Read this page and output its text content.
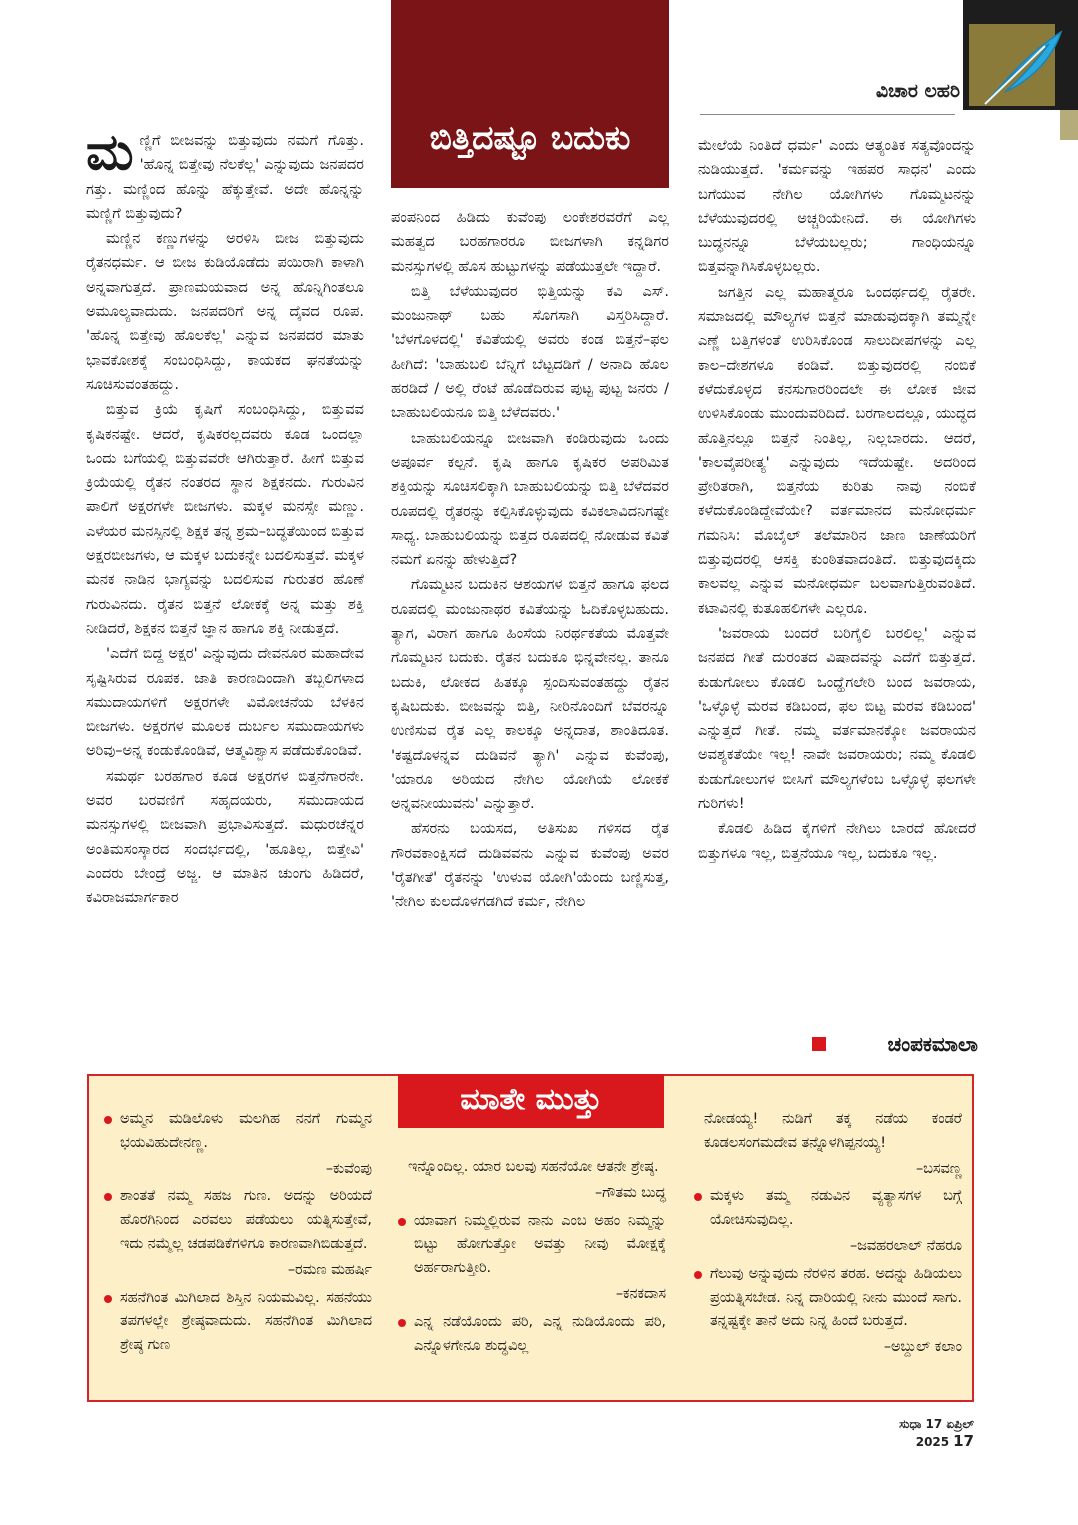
ಬಿತ್ತಿದಷ್ಟೂ ಬದುಕು
ವಿಚಾರ ಲಹರಿ

ಮಣ್ಣಿಗೆ ಬೀಜವನ್ನು ಬಿತ್ತುವುದು ನಮಗೆ ಗೊತ್ತು. 'ಹೊನ್ನ ಬಿತ್ತೇವು ನೆಲಕೆಲ್ಲ' ಎನ್ನುವುದು ಜನಪದರ ಗತ್ತು. ಮಣ್ಣಿಂದ ಹೊನ್ನು ಹೆಕ್ಕುತ್ತೇವೆ. ಅದೇ ಹೊನ್ನನ್ನು ಮಣ್ಣಿಗೆ ಬಿತ್ತುವುದು?

ಮಣ್ಣಿನ ಕಣ್ಣುಗಳನ್ನು ಅರಳಿಸಿ ಬೀಜ ಬಿತ್ತುವುದು ರೈತನಧರ್ಮ. ಆ ಬೀಜ ಕುಡಿಯೊಡೆದು ಪಯಿರಾಗಿ ಕಾಳಾಗಿ ಅನ್ನವಾಗುತ್ತದೆ. ಪ್ರಾಣಮಯವಾದ ಅನ್ನ ಹೊನ್ನಿಗಿಂತಲೂ ಅಮೂಲ್ಯವಾದುದು. ಜನಪದರಿಗೆ ಅನ್ನ ದೈವದ ರೂಪ. 'ಹೊನ್ನ ಬಿತ್ತೇವು ಹೊಲಕೆಲ್ಲ' ಎನ್ನುವ ಜನಪದರ ಮಾತು ಭಾವಕೋಶಕ್ಕೆ ಸಂಬಂಧಿಸಿದ್ದು, ಕಾಯಕದ ಘನತೆಯನ್ನು ಸೂಚಿಸುವಂತಹದ್ದು.

ಬಿತ್ತುವ ಕ್ರಿಯೆ ಕೃಷಿಗೆ ಸಂಬಂಧಿಸಿದ್ದು, ಬಿತ್ತುವವ ಕೃಷಿಕನಷ್ಟೇ. ಆದರೆ, ಕೃಷಿಕರಲ್ಲದವರು ಕೂಡ ಒಂದಲ್ಲಾ ಒಂದು ಬಗೆಯಲ್ಲಿ ಬಿತ್ತುವವರೇ ಆಗಿರುತ್ತಾರೆ. ಹೀಗೆ ಬಿತ್ತುವ ಕ್ರಿಯೆಯಲ್ಲಿ ರೈತನ ನಂತರದ ಸ್ಥಾನ ಶಿಕ್ಷಕನದು. ಗುರುವಿನ ಪಾಲಿಗೆ ಅಕ್ಷರಗಳೇ ಬೀಜಗಳು. ಮಕ್ಕಳ ಮನಸ್ಸೇ ಮಣ್ಣು. ಎಳೆಯರ ಮನಸ್ಸಿನಲ್ಲಿ ಶಿಕ್ಷಕ ತನ್ನ ಶ್ರಮ–ಬದ್ಧತೆಯಿಂದ ಬಿತ್ತುವ ಅಕ್ಷರಬೀಜಗಳು, ಆ ಮಕ್ಕಳ ಬದುಕನ್ನೇ ಬದಲಿಸುತ್ತವೆ. ಮಕ್ಕಳ ಮನಕ ನಾಡಿನ ಭಾಗ್ಯವನ್ನು ಬದಲಿಸುವ ಗುರುತರ ಹೊಣೆ ಗುರುವಿನದು. ರೈತನ ಬಿತ್ತನೆ ಲೋಕಕ್ಕೆ ಅನ್ನ ಮತ್ತು ಶಕ್ತಿ ನೀಡಿದರೆ, ಶಿಕ್ಷಕನ ಬಿತ್ತನೆ ಜ್ಞಾನ ಹಾಗೂ ಶಕ್ತಿ ನೀಡುತ್ತದೆ.

'ಎದೆಗೆ ಬಿದ್ದ ಅಕ್ಷರ' ಎನ್ನುವುದು ದೇವನೂರ ಮಹಾದೇವ ಸೃಷ್ಟಿಸಿರುವ ರೂಪಕ. ಜಾತಿ ಕಾರಣದಿಂದಾಗಿ ತಬ್ಬಲಿಗಳಾದ ಸಮುದಾಯಗಳಿಗೆ ಅಕ್ಷರಗಳೇ ವಿಮೋಚನೆಯ ಬೆಳಕಿನ ಬೀಜಗಳು. ಅಕ್ಷರಗಳ ಮೂಲಕ ದುರ್ಬಲ ಸಮುದಾಯಗಳು ಅರಿವು–ಅನ್ನ ಕಂಡುಕೊಂಡಿವೆ, ಆತ್ಮವಿಶ್ವಾಸ ಪಡೆದುಕೊಂಡಿವೆ.

ಸಮರ್ಥ ಬರಹಗಾರ ಕೂಡ ಅಕ್ಷರಗಳ ಬಿತ್ತನೆಗಾರನೇ. ಅವರ ಬರವಣಿಗೆ ಸಹೃದಯರು, ಸಮುದಾಯದ ಮನಸ್ಸುಗಳಲ್ಲಿ ಬೀಜವಾಗಿ ಪ್ರಭಾವಿಸುತ್ತದೆ. ಮಧುರಚೆನ್ನರ ಅಂತಿಮಸಂಸ್ಕಾರದ ಸಂದರ್ಭದಲ್ಲಿ, 'ಹೂತಿಲ್ಲ, ಬಿತ್ತೇವಿ' ಎಂದರು ಬೇಂದ್ರೆ ಅಜ್ಜ. ಆ ಮಾತಿನ ಚುಂಗು ಹಿಡಿದರೆ, ಕವಿರಾಜಮಾರ್ಗಕಾರ

ಪಂಪನಿಂದ ಹಿಡಿದು ಕುವೆಂಪು ಲಂಕೇಶರವರೆಗೆ ಎಲ್ಲ ಮಹತ್ವದ ಬರಹಗಾರರೂ ಬೀಜಗಳಾಗಿ ಕನ್ನಡಿಗರ ಮನಸ್ಸುಗಳಲ್ಲಿ ಹೊಸ ಹುಟ್ಟುಗಳನ್ನು ಪಡೆಯುತ್ತಲೇ ಇದ್ದಾರೆ.

ಬಿತ್ತಿ ಬೆಳೆಯುವುದರ ಭಿತ್ತಿಯನ್ನು ಕವಿ ಎಸ್. ಮಂಜುನಾಥ್ ಬಹು ಸೊಗಸಾಗಿ ವಿಸ್ತರಿಸಿದ್ದಾರೆ. 'ಬೆಳಗೊಳದಲ್ಲಿ' ಕವಿತೆಯಲ್ಲಿ ಅವರು ಕಂಡ ಬಿತ್ತನೆ–ಫಲ ಹೀಗಿದೆ: 'ಬಾಹುಬಲಿ ಬೆನ್ನಿಗೆ ಬೆಟ್ಟದಡಿಗೆ / ಅನಾದಿ ಹೊಲ ಹರಡಿದೆ / ಅಲ್ಲಿ ರೆಂಟೆ ಹೊಡೆದಿರುವ ಪುಟ್ಟ ಪುಟ್ಟ ಜನರು / ಬಾಹುಬಲಿಯನೂ ಬಿತ್ತಿ ಬೆಳೆದವರು.'

ಬಾಹುಬಲಿಯನ್ನೂ ಬೀಜವಾಗಿ ಕಂಡಿರುವುದು ಒಂದು ಅಪೂರ್ವ ಕಲ್ಪನೆ. ಕೃಷಿ ಹಾಗೂ ಕೃಷಿಕರ ಅಪರಿಮಿತ ಶಕ್ತಿಯನ್ನು ಸೂಚಿಸಲಿಕ್ಕಾಗಿ ಬಾಹುಬಲಿಯನ್ನು ಬಿತ್ತಿ ಬೆಳೆದವರ ರೂಪದಲ್ಲಿ ರೈತರನ್ನು ಕಲ್ಪಿಸಿಕೊಳ್ಳುವುದು ಕವಿಕಲಾವಿದನಿಗಷ್ಟೇ ಸಾಧ್ಯ. ಬಾಹುಬಲಿಯನ್ನು ಬಿತ್ತದ ರೂಪದಲ್ಲಿ ನೋಡುವ ಕವಿತೆ ನಮಗೆ ಏನನ್ನು ಹೇಳುತ್ತಿದೆ?

ಗೊಮ್ಮಟನ ಬದುಕಿನ ಆಶಯಗಳ ಬಿತ್ತನೆ ಹಾಗೂ ಫಲದ ರೂಪದಲ್ಲಿ ಮಂಜುನಾಥರ ಕವಿತೆಯನ್ನು ಓದಿಕೊಳ್ಳಬಹುದು. ತ್ಯಾಗ, ವಿರಾಗ ಹಾಗೂ ಹಿಂಸೆಯ ನಿರರ್ಥಕತೆಯ ಮೊತ್ತವೇ ಗೊಮ್ಮಟನ ಬದುಕು. ರೈತನ ಬದುಕೂ ಭಿನ್ನವೇನಲ್ಲ. ತಾನೂ ಬದುಕಿ, ಲೋಕದ ಹಿತಕ್ಕೂ ಸ್ಪಂದಿಸುವಂತಹದ್ದು ರೈತನ ಕೃಷಿಬದುಕು. ಬೀಜವನ್ನು ಬಿತ್ತಿ, ನೀರಿನೊಂದಿಗೆ ಬೆವರನ್ನೂ ಉಣಿಸುವ ರೈತ ಎಲ್ಲ ಕಾಲಕ್ಕೂ ಅನ್ನದಾತ, ಶಾಂತಿದೂತ. 'ಕಷ್ಟದೊಳನ್ನವ ದುಡಿವನೆ ತ್ಯಾಗಿ' ಎನ್ನುವ ಕುವೆಂಪು, 'ಯಾರೂ ಅರಿಯದ ನೇಗಿಲ ಯೋಗಿಯೆ ಲೋಕಕೆ ಅನ್ನವನೀಯುವನು' ಎನ್ನುತ್ತಾರೆ.

ಹೆಸರನು ಬಯಸದ, ಅತಿಸುಖ ಗಳಿಸದ ರೈತ ಗೌರವಕಾಂಕ್ಷಿಸದೆ ದುಡಿವವನು ಎನ್ನುವ ಕುವೆಂಪು ಅವರ 'ರೈತಗೀತೆ' ರೈತನನ್ನು 'ಉಳುವ ಯೋಗಿ'ಯೆಂದು ಬಣ್ಣಿಸುತ್ತ, 'ನೇಗಿಲ ಕುಲದೊಳಗಡಗಿದೆ ಕರ್ಮ, ನೇಗಿಲ

ಮೇಲೆಯೆ ನಿಂತಿದೆ ಧರ್ಮ' ಎಂದು ಆತ್ಯಂತಿಕ ಸತ್ಯವೊಂದನ್ನು ನುಡಿಯುತ್ತದೆ. 'ಕರ್ಮವನ್ನು ಇಹಪರ ಸಾಧನ' ಎಂದು ಬಗೆಯುವ ನೇಗಿಲ ಯೋಗಿಗಳು ಗೊಮ್ಮಟನನ್ನು ಬೆಳೆಯುವುದರಲ್ಲಿ ಅಚ್ಚರಿಯೇನಿದೆ. ಈ ಯೋಗಿಗಳು ಬುದ್ಧನನ್ನೂ ಬೆಳೆಯಬಲ್ಲರು; ಗಾಂಧಿಯನ್ನೂ ಬಿತ್ತವನ್ನಾಗಿಸಿಕೊಳ್ಳಬಲ್ಲರು.

ಜಗತ್ತಿನ ಎಲ್ಲ ಮಹಾತ್ಮರೂ ಒಂದರ್ಥದಲ್ಲಿ ರೈತರೇ. ಸಮಾಜದಲ್ಲಿ ಮೌಲ್ಯಗಳ ಬಿತ್ತನೆ ಮಾಡುವುದಕ್ಕಾಗಿ ತಮ್ಮನ್ನೇ ಎಣ್ಣೆ ಬತ್ತಿಗಳಂತೆ ಉರಿಸಿಕೊಂಡ ಸಾಲುದೀಪಗಳನ್ನು ಎಲ್ಲ ಕಾಲ–ದೇಶಗಳೂ ಕಂಡಿವೆ. ಬಿತ್ತುವುದರಲ್ಲಿ ನಂಬಿಕೆ ಕಳೆದುಕೊಳ್ಳದ ಕನಸುಗಾರರಿಂದಲೇ ಈ ಲೋಕ ಜೀವ ಉಳಿಸಿಕೊಂಡು ಮುಂದುವರಿದಿದೆ. ಬರಗಾಲದಲ್ಲೂ, ಯುದ್ಧದ ಹೊತ್ತಿನಲ್ಲೂ ಬಿತ್ತನೆ ನಿಂತಿಲ್ಲ, ನಿಲ್ಲಬಾರದು. ಆದರೆ, 'ಕಾಲವೈಪರೀತ್ಯ' ಎನ್ನುವುದು ಇದೆಯಷ್ಟೇ. ಅದರಿಂದ ಪ್ರೇರಿತರಾಗಿ, ಬಿತ್ತನೆಯ ಕುರಿತು ನಾವು ನಂಬಿಕೆ ಕಳೆದುಕೊಂಡಿದ್ದೇವೆಯೇ? ವರ್ತಮಾನದ ಮನೋಧರ್ಮ ಗಮನಿಸಿ: ಮೊಬೈಲ್ ತಲೆಮಾರಿನ ಜಾಣ ಜಾಣೆಯರಿಗೆ ಬಿತ್ತುವುದರಲ್ಲಿ ಆಸಕ್ತಿ ಕುಂಠಿತವಾದಂತಿದೆ. ಬಿತ್ತುವುದಕ್ಕಿದು ಕಾಲವಲ್ಲ ಎನ್ನುವ ಮನೋಧರ್ಮ ಬಲವಾಗುತ್ತಿರುವಂತಿದೆ. ಕಟಾವಿನಲ್ಲಿ ಕುತೂಹಲಿಗಳೇ ಎಲ್ಲರೂ.

'ಜವರಾಯ ಬಂದರೆ ಬರಿಗೈಲಿ ಬರಲಿಲ್ಲ' ಎನ್ನುವ ಜನಪದ ಗೀತೆ ದುರಂತದ ವಿಷಾದವನ್ನು ಎದೆಗೆ ಬಿತ್ತುತ್ತದೆ. ಕುಡುಗೋಲು ಕೊಡಲಿ ಒಂದ್ಹೆಗಲೇರಿ ಬಂದ ಜವರಾಯ, 'ಒಳ್ಳೊಳ್ಳೆ ಮರವ ಕಡಿಬಂದ, ಫಲ ಬಿಟ್ಟ ಮರವ ಕಡಿಬಂದ' ಎನ್ನುತ್ತದೆ ಗೀತೆ. ನಮ್ಮ ವರ್ತಮಾನಕ್ಕೋ ಜವರಾಯನ ಅವಶ್ಯಕತೆಯೇ ಇಲ್ಲ! ನಾವೇ ಜವರಾಯರು; ನಮ್ಮ ಕೊಡಲಿ ಕುಡುಗೋಲುಗಳ ಬೀಸಿಗೆ ಮೌಲ್ಯಗಳೆಂಬ ಒಳ್ಳೊಳ್ಳೆ ಫಲಗಳೇ ಗುರಿಗಳು!

ಕೊಡಲಿ ಹಿಡಿದ ಕೈಗಳಿಗೆ ನೇಗಿಲು ಬಾರದೆ ಹೋದರೆ ಬಿತ್ತುಗಳೂ ಇಲ್ಲ, ಬಿತ್ತನೆಯೂ ಇಲ್ಲ, ಬದುಕೂ ಇಲ್ಲ.

ಚಂಪಕಮಾಲಾ
ಮಾತೇ ಮುತ್ತು
ಅಮ್ಮನ ಮಡಿಲೊಳು ಮಲಗಿಹ ನನಗೆ ಗುಮ್ಮನ ಭಯವಿಹುದೇನಣ್ಣ.
–ಕುವೆಂಪು
ಶಾಂತತೆ ನಮ್ಮ ಸಹಜ ಗುಣ. ಅದನ್ನು ಅರಿಯದೆ ಹೊರಗಿನಿಂದ ಎರವಲು ಪಡೆಯಲು ಯತ್ನಿಸುತ್ತೇವೆ, ಇದು ನಮ್ಮೆಲ್ಲ ಚಡಪಡಿಕೆಗಳಿಗೂ ಕಾರಣವಾಗಿಬಿಡುತ್ತದೆ.
–ರಮಣ ಮಹರ್ಷಿ
ಸಹನೆಗಿಂತ ಮಿಗಿಲಾದ ಶಿಸ್ತಿನ ನಿಯಮವಿಲ್ಲ. ಸಹನೆಯು ತಪಗಳಲ್ಲೇ ಶ್ರೇಷ್ಠವಾದುದು. ಸಹನೆಗಿಂತ ಮಿಗಿಲಾದ ಶ್ರೇಷ್ಠ ಗುಣ
ಇನ್ನೊಂದಿಲ್ಲ. ಯಾರ ಬಲವು ಸಹನೆಯೋ ಆತನೇ ಶ್ರೇಷ್ಠ.
–ಗೌತಮ ಬುದ್ಧ
ಯಾವಾಗ ನಿಮ್ಮಲ್ಲಿರುವ ನಾನು ಎಂಬ ಅಹಂ ನಿಮ್ಮನ್ನು ಬಿಟ್ಟು ಹೋಗುತ್ತೋ ಅವತ್ತು ನೀವು ಮೋಕ್ಷಕ್ಕೆ ಅರ್ಹರಾಗುತ್ತೀರಿ.
–ಕನಕದಾಸ
ಎನ್ನ ನಡೆಯೊಂದು ಪರಿ, ಎನ್ನ ನುಡಿಯೊಂದು ಪರಿ, ಎನ್ನೊಳಗೇನೂ ಶುದ್ಧವಿಲ್ಲ
ನೋಡಯ್ಯ! ನುಡಿಗೆ ತಕ್ಕ ನಡೆಯ ಕಂಡರೆ ಕೂಡಲಸಂಗಮದೇವ ತನ್ನೊಳಗಿಪ್ಪನಯ್ಯ!
–ಬಸವಣ್ಣ
ಮಕ್ಕಳು ತಮ್ಮ ನಡುವಿನ ವ್ಯತ್ಯಾಸಗಳ ಬಗ್ಗೆ ಯೋಚಿಸುವುದಿಲ್ಲ.
–ಜವಹರಲಾಲ್ ನೆಹರೂ
ಗೆಲುವು ಅನ್ನುವುದು ನೆರಳಿನ ತರಹ. ಅದನ್ನು ಹಿಡಿಯಲು ಪ್ರಯತ್ನಿಸಬೇಡ. ನಿನ್ನ ದಾರಿಯಲ್ಲಿ ನೀನು ಮುಂದೆ ಸಾಗು. ತನ್ನಷ್ಟಕ್ಕೇ ತಾನೆ ಅದು ನಿನ್ನ ಹಿಂದೆ ಬರುತ್ತದೆ.
–ಅಬ್ದುಲ್ ಕಲಾಂ
ಸುಧಾ 17 ಏಪ್ರಿಲ್ 2025 17
